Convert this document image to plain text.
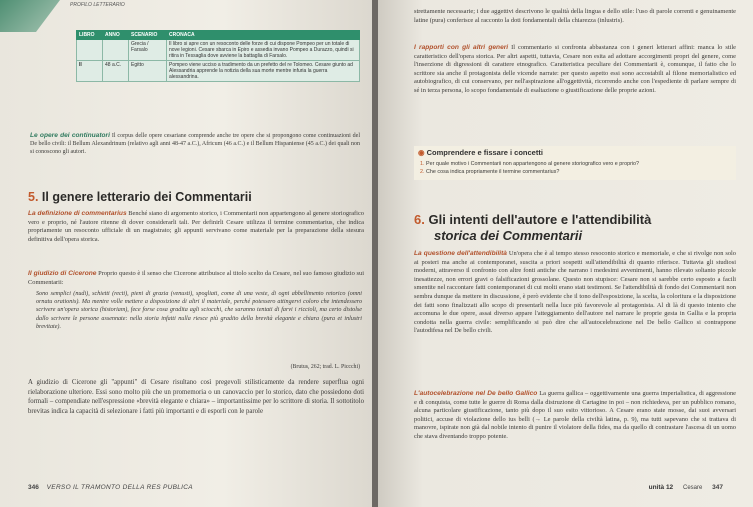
PROFILO LETTERARIO
LIBRO	ANNO	SCENARIO	CRONACA
		Grecia / Farsalo	Il libro si apre con un resoconto delle forze di cui dispone Pompeo per un totale di nove legioni. Cesare sbarca in Epiro e assedia invano Pompeo a Durazzo, quindi si ritira in Tessaglia dove avviene la battaglia di Farsalo.
II	48 a.C.	Egitto	Pompeo viene ucciso a tradimento da un prefetto del re Tolomeo. Cesare giunto ad Alessandria apprende la notizia della sua morte mentre infuria la guerra alessandrina.
Le opere dei continuatori Il corpus delle opere cesariane comprende anche tre opere che si propongono come continuazioni del De bello civili: il Bellum Alexandrinum (relativo agli anni 48-47 a.C.), Africum (46 a.C.) e il Bellum Hispaniense (45 a.C.) dei quali non si conoscono gli autori.
5. Il genere letterario dei Commentarii
La definizione di commentarius Benché siano di argomento storico, i Commentarii non appartengono al genere storiografico vero e proprio, né l'autore ritenne di dover considerarli tali. Per definirli Cesare utilizza il termine commentarius, che indica propriamente un resoconto ufficiale di un magistrato; gli appunti servivano come materiale per la preparazione della stesura definitiva dell'opera storica.
Il giudizio di Cicerone Proprio questo è il senso che Cicerone attribuisce al titolo scelto da Cesare, nel suo famoso giudizio sui Commentarii:
Sono semplici (nudi), schietti (recti), pieni di grazia (venusti), spogliati, come di una veste, di ogni abbellimento retorico (omni ornatu orationis). Ma mentre volle mettere a disposizione di altri il materiale, perché potessero attingervi coloro che intendessero scrivere un'opera storica (historiam), fece forse cosa gradita agli sciocchi, che saranno tentati di farvi i riccioli, ma certo distolse dallo scrivere le persone assennate: nella storia infatti nulla riesce più gradito della brevità elegante e chiara (pura et inlustri brevitate).
(Brutus, 262; trad. L. Piccchi)
A giudizio di Cicerone gli "appunti" di Cesare risultano così pregevoli stilisticamente da rendere superflua ogni rielaborazione ulteriore. Essi sono molto più che un promemoria o un canovaccio per lo storico, dato che possiedono doti formali – compendiate nell'espressione «brevità elegante e chiara» – importantissime per lo scrittore di storia. Il sottotitolo brevitas indica la capacità di selezionare i fatti più importanti e di esporli con le parole
346 VERSO IL TRAMONTO DELLA RES PUBLICA
strettamente necessarie; i due aggettivi descrivono le qualità della lingua e dello stile: l'uso di parole correnti e genuinamente latine (pura) conferisce al racconto la doti fondamentali della chiarezza (inlustris).
I rapporti con gli altri generi Il commentario si confronta abbastanza con i generi letterari affini: manca lo stile caratteristico dell'opera storica. Per altri aspetti, tuttavia, Cesare non esita ad adottare accorgimenti propri del genere, come l'inserzione di digressioni di carattere etnografico. Caratteristica peculiare dei Commentarii è, comunque, il fatto che lo scrittore sia anche il protagonista delle vicende narrate: per questo aspetto essi sono accostabili al filone memorialistico ed autobiografico, di cui conservano, per nell'aspirazione all'oggettività, ricorrendo anche con l'espediente di parlare sempre di sé in terza persona, lo scopo fondamentale di esaltazione o giustificazione delle proprie azioni.
◉ Comprendere e fissare i concetti
1. Per quale motivo i Commentarii non appartengono al genere storiografico vero e proprio?
2. Che cosa indica propriamente il termine commentarius?
6. Gli intenti dell'autore e l'attendibilità
storica dei Commentarii
La questione dell'attendibilità Un'opera che è al tempo stesso resoconto storico e memoriale, e che si rivolge non solo ai posteri ma anche ai contemporanei, suscita a priori sospetti sull'attendibilità di quanto riferisce. Tuttavia gli studiosi moderni, attraverso il confronto con altre fonti antiche che narrano i medesimi avvenimenti, hanno rilevato soltanto piccole inesattezze, non errori gravi o falsificazioni grossolane. Questo non stupisce: Cesare non si sarebbe certo esposto a facili smentite nel raccontare fatti contemporanei di cui molti erano stati testimoni. Se l'attendibilità di fondo dei Commentarii non sembra dunque da mettere in discussione, è però evidente che il tono dell'esposizione, la scelta, la coloritura e la disposizione dei fatti sono finalizzati allo scopo di presentarli nella luce più favorevole al protagonista. Al di là di questo intento che accomuna le due opere, assai diverso appare l'atteggiamento dell'autore nel narrare le proprie gesta in Gallia e la propria condotta nella guerra civile: semplificando si può dire che all'autocelebrazione nel De bello Gallico si contrappone l'autodifesa nel De bello civili.
L'autocelebrazione nel De bello Gallico La guerra gallica – oggettivamente una guerra imperialistica, di aggressione e di conquista, come tutte le guerre di Roma dalla distruzione di Cartagine in poi – non richiedeva, per un pubblico romano, alcuna particolare giustificazione, tanto più dopo il suo esito vittorioso. A Cesare erano state mosse, dai suoi avversari politici, accuse di violazione dello ius belli (→ Le parole della civiltà latina, p. 9), ma tutti sapevano che si trattava di manovre, ispirate non già dal nobile intento di punire il violatore della fides, ma da quello di contrastare l'ascesa di un uomo che stava diventando troppo potente.
unità 12 Cesare 347
